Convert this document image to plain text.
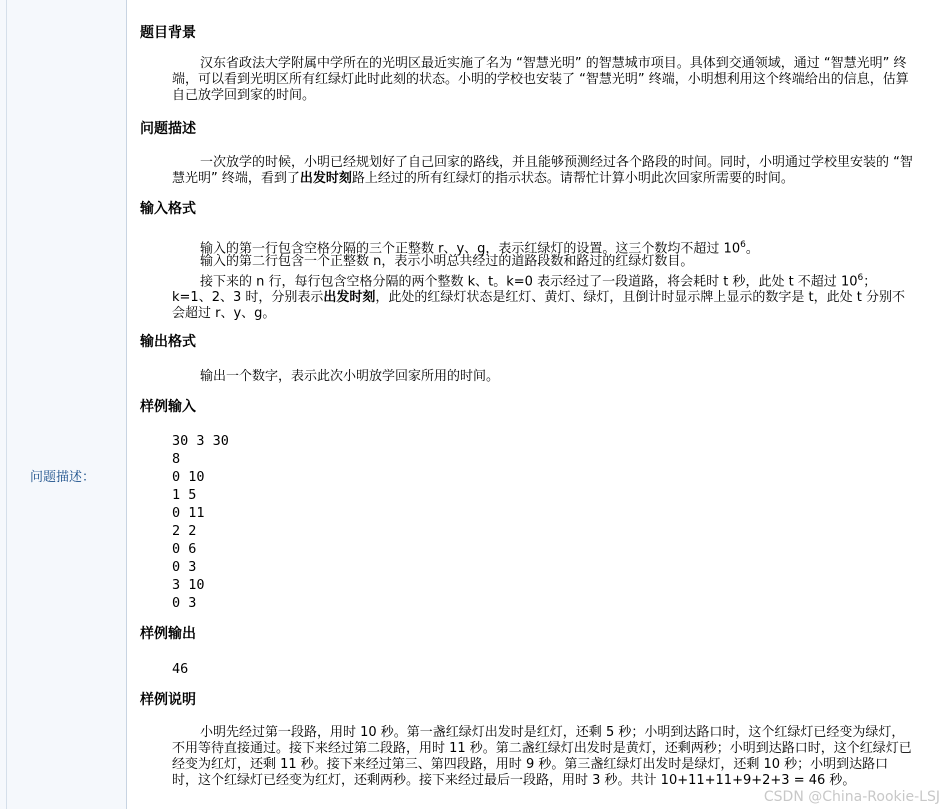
问题描述：
题目背景
汉东省政法大学附属中学所在的光明区最近实施了名为 “智慧光明” 的智慧城市项目。具体到交通领域，通过 “智慧光明” 终端，可以看到光明区所有红绿灯此时此刻的状态。小明的学校也安装了 “智慧光明” 终端，小明想利用这个终端给出的信息，估算自己放学回到家的时间。
问题描述
一次放学的时候，小明已经规划好了自己回家的路线，并且能够预测经过各个路段的时间。同时，小明通过学校里安装的 “智慧光明” 终端，看到了出发时刻路上经过的所有红绿灯的指示状态。请帮忙计算小明此次回家所需要的时间。
输入格式
输入的第一行包含空格分隔的三个正整数 r、y、g，表示红绿灯的设置。这三个数均不超过 $10^6$。
输入的第二行包含一个正整数 n，表示小明总共经过的道路段数和路过的红绿灯数目。
接下来的 n 行，每行包含空格分隔的两个整数 k、t。k=0 表示经过了一段道路，将会耗时 t 秒，此处 t 不超过 $10^6$；k=1、2、3 时，分别表示出发时刻，此处的红绿灯状态是红灯、黄灯、绿灯，且倒计时显示牌上显示的数字是 t，此处 t 分别不会超过 r、y、g。
输出格式
输出一个数字，表示此次小明放学回家所用的时间。
样例输入
30 3 30
8
0 10
1 5
0 11
2 2
0 6
0 3
3 10
0 3
样例输出
46
样例说明
小明先经过第一段路，用时 10 秒。第一盏红绿灯出发时是红灯，还剩 5 秒；小明到达路口时，这个红绿灯已经变为绿灯，不用等待直接通过。接下来经过第二段路，用时 11 秒。第二盏红绿灯出发时是黄灯，还剩两秒；小明到达路口时，这个红绿灯已经变为红灯，还剩 11 秒。接下来经过第三、第四段路，用时 9 秒。第三盏红绿灯出发时是绿灯，还剩 10 秒；小明到达路口时，这个红绿灯已经变为红灯，还剩两秒。接下来经过最后一段路，用时 3 秒。共计 10+11+11+9+2+3 = 46 秒。
CSDN @China-Rookie-LSJ
